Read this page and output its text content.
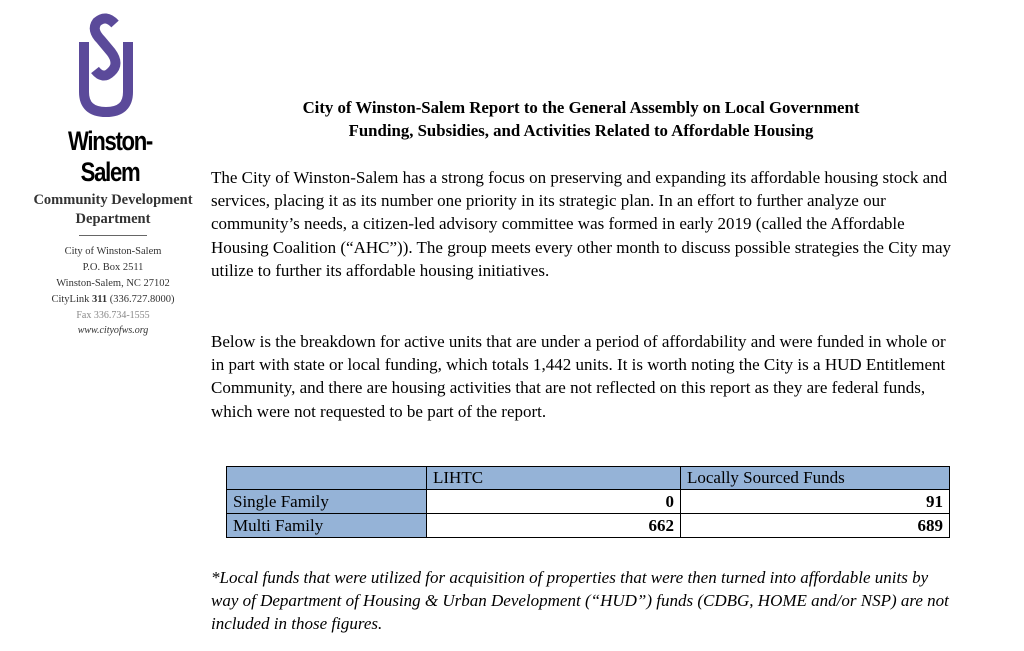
Winston-Salem
Community Development
Department
City of Winston-Salem
P.O. Box 2511
Winston-Salem, NC 27102
CityLink 311 (336.727.8000)
Fax 336.734-1555
www.cityofws.org
City of Winston-Salem Report to the General Assembly on Local Government
Funding, Subsidies, and Activities Related to Affordable Housing

The City of Winston-Salem has a strong focus on preserving and expanding its affordable housing stock and services, placing it as its number one priority in its strategic plan. In an effort to further analyze our community’s needs, a citizen-led advisory committee was formed in early 2019 (called the Affordable Housing Coalition (“AHC”)). The group meets every other month to discuss possible strategies the City may utilize to further its affordable housing initiatives.

Below is the breakdown for active units that are under a period of affordability and were funded in whole or in part with state or local funding, which totals 1,442 units. It is worth noting the City is a HUD Entitlement Community, and there are housing activities that are not reflected on this report as they are federal funds, which were not requested to be part of the report.

	LIHTC	Locally Sourced Funds
Single Family	0	91
Multi Family	662	689

*Local funds that were utilized for acquisition of properties that were then turned into affordable units by way of Department of Housing & Urban Development (“HUD”) funds (CDBG, HOME and/or NSP) are not included in those figures.
